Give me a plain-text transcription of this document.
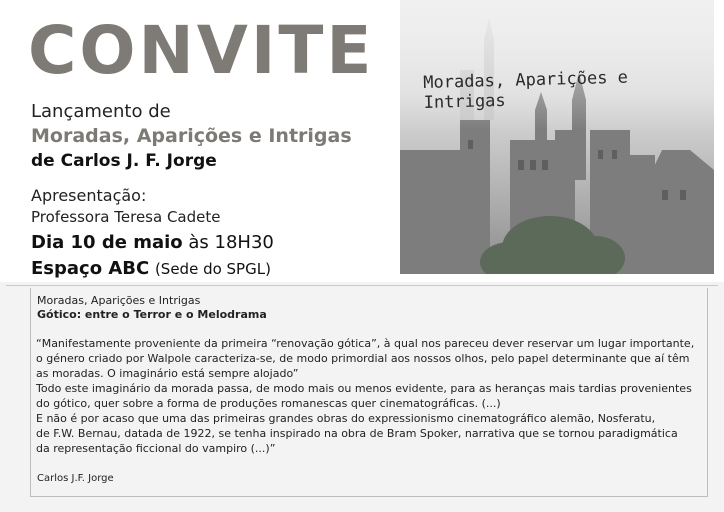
CONVITE
Lançamento de
Moradas, Aparições e Intrigas
de Carlos J. F. Jorge
Apresentação:
Professora Teresa Cadete
Dia 10 de maio às 18H30
Espaço ABC (Sede do SPGL)
Moradas, Aparições e
Intrigas
Moradas, Aparições e Intrigas
Gótico: entre o Terror e o Melodrama

“Manifestamente proveniente da primeira “renovação gótica”, à qual nos pareceu dever reservar um lugar importante,

o género criado por Walpole caracteriza-se, de modo primordial aos nossos olhos, pelo papel determinante que aí têm

as moradas. O imaginário está sempre alojado”

Todo este imaginário da morada passa, de modo mais ou menos evidente, para as heranças mais tardias provenientes

do gótico, quer sobre a forma de produções romanescas quer cinematográficas. (...)

E não é por acaso que uma das primeiras grandes obras do expressionismo cinematográfico alemão, Nosferatu,

de F.W. Bernau, datada de 1922, se tenha inspirado na obra de Bram Spoker, narrativa que se tornou paradigmática

da representação ficcional do vampiro (...)”

Carlos J.F. Jorge
